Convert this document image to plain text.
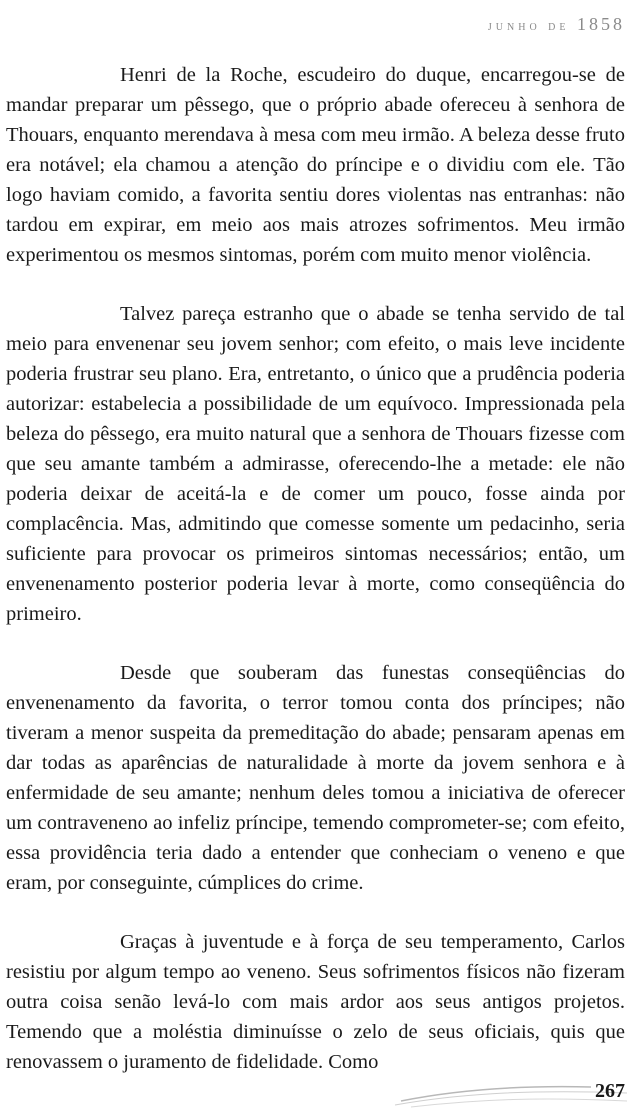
junho de 1858

Henri de la Roche, escudeiro do duque, encarregou-se de mandar preparar um pêssego, que o próprio abade ofereceu à senhora de Thouars, enquanto merendava à mesa com meu irmão. A beleza desse fruto era notável; ela chamou a atenção do príncipe e o dividiu com ele. Tão logo haviam comido, a favorita sentiu dores violentas nas entranhas: não tardou em expirar, em meio aos mais atrozes sofrimentos. Meu irmão experimentou os mesmos sintomas, porém com muito menor violência.

Talvez pareça estranho que o abade se tenha servido de tal meio para envenenar seu jovem senhor; com efeito, o mais leve incidente poderia frustrar seu plano. Era, entretanto, o único que a prudência poderia autorizar: estabelecia a possibilidade de um equívoco. Impressionada pela beleza do pêssego, era muito natural que a senhora de Thouars fizesse com que seu amante também a admirasse, oferecendo-lhe a metade: ele não poderia deixar de aceitá-la e de comer um pouco, fosse ainda por complacência. Mas, admitindo que comesse somente um pedacinho, seria suficiente para provocar os primeiros sintomas necessários; então, um envenenamento posterior poderia levar à morte, como conseqüência do primeiro.

Desde que souberam das funestas conseqüências do envenenamento da favorita, o terror tomou conta dos príncipes; não tiveram a menor suspeita da premeditação do abade; pensaram apenas em dar todas as aparências de naturalidade à morte da jovem senhora e à enfermidade de seu amante; nenhum deles tomou a iniciativa de oferecer um contraveneno ao infeliz príncipe, temendo comprometer-se; com efeito, essa providência teria dado a entender que conheciam o veneno e que eram, por conseguinte, cúmplices do crime.

Graças à juventude e à força de seu temperamento, Carlos resistiu por algum tempo ao veneno. Seus sofrimentos físicos não fizeram outra coisa senão levá-lo com mais ardor aos seus antigos projetos. Temendo que a moléstia diminuísse o zelo de seus oficiais, quis que renovassem o juramento de fidelidade. Como

267
